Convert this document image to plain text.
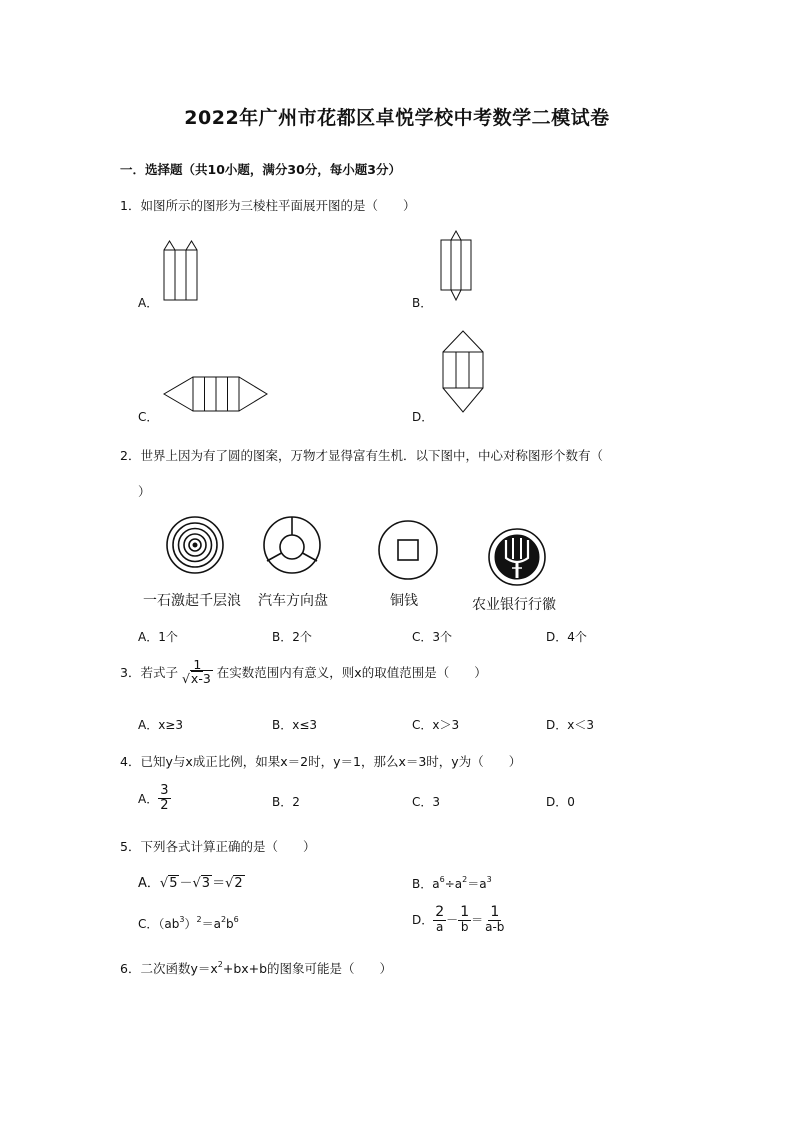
2022年广州市花都区卓悦学校中考数学二模试卷
一．选择题（共10小题，满分30分，每小题3分）
1．如图所示的图形为三棱柱平面展开图的是（　　）
A．	B．
C．	D．
2．世界上因为有了圆的图案，万物才显得富有生机．以下图中，中心对称图形个数有（
）
一石激起千层浪 汽车方向盘	铜钱	农业银行行徽
A．1个	B．2个	C．3个	D．4个
3．若式子 $\frac{1}{√x-3}$ 在实数范围内有意义，则x的取值范围是（　　）
A．x≥3	B．x≤3	C．x＞3	D．x＜3
4．已知y与x成正比例，如果x＝2时，y＝1，那么x＝3时，y为（　　）
A． $\frac{3}{2}$	B．2	C．3	D．0
5．下列各式计算正确的是（　　）
A．√5 －√3 ＝√2	B．$a^6\div a^2=a^3$
C．$(ab^3)^2=a^2b^6$	D． $\frac{2}{a} - \frac{1}{b} = \frac{1}{a-b}$
6．二次函数$y=x^2+bx+b$的图象可能是（　　）
